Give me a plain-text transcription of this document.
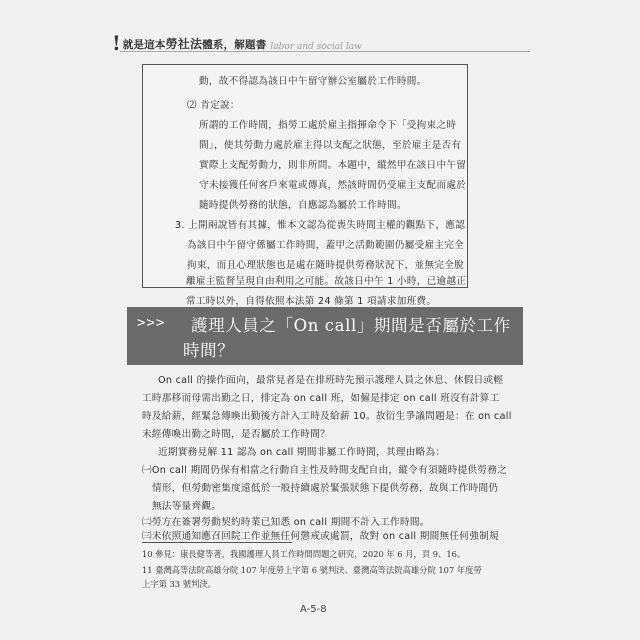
! 就是這本勞社法體系，解題書 labor and social law
動，故不得認為該日中午留守辦公室屬於工作時間。
⑵ 肯定說：
所謂的工作時間，指勞工處於雇主指揮命令下「受拘束之時
間」，使其勞動力處於雇主得以支配之狀態，至於雇主是否有
實際上支配勞動力，則非所問。本題中，縱然甲在該日中午留
守未接獲任何客戶來電或傳真，然該時間仍受雇主支配而處於
隨時提供勞務的狀態，自應認為屬於工作時間。
3. 上開兩說皆有其據，惟本文認為從喪失時間主權的觀點下，應認
為該日中午留守係屬工作時間，蓋甲之活動範圍仍屬受雇主完全
拘束，而且心理狀態也是處在隨時提供勞務狀況下，並無完全脫
離雇主監督呈現自由利用之可能。故該日中午 1 小時，已逾越正
常工時以外，自得依照本法第 24 條第 1 項請求加班費。
>>> 護理人員之「On call」期間是否屬於工作
時間？
On call 的操作面向，最常見者是在排班時先預示護理人員之休息、休假日或輕
工時那移而母需出勤之日，排定為 on call 班，如僱是排定 on call 班沒有計算工
時及給薪，經緊急傳喚出勤後方計入工時及給薪 10。故衍生爭議問題是：在 on call
未經傳喚出勤之時間，是否屬於工作時間？
近期實務見解 11 認為 on call 期間非屬工作時間，其理由略為：
㈠On call 期間仍保有相當之行動自主性及時間支配自由，縱令有須隨時提供勞務之
情形，但勞動密集度遠低於一般持續處於緊張狀態下提供勞務，故與工作時間仍
無法等量齊觀。
㈡勞方在簽署勞動契約時業已知悉 on call 期間不計入工作時間。
10 參見：康長健等著，我國護理人員工作時間問題之研究，2020 年 6 月，頁 9、16。
11 臺灣高等法院高雄分院 107 年度勞上字第 6 號判決、臺灣高等法院高雄分院 107 年度勞
上字第 33 號判決。
A-5-8
㈢未依照通知應召回院工作並無任何懲戒或處罰，故對 on call 期間無任何強制規
